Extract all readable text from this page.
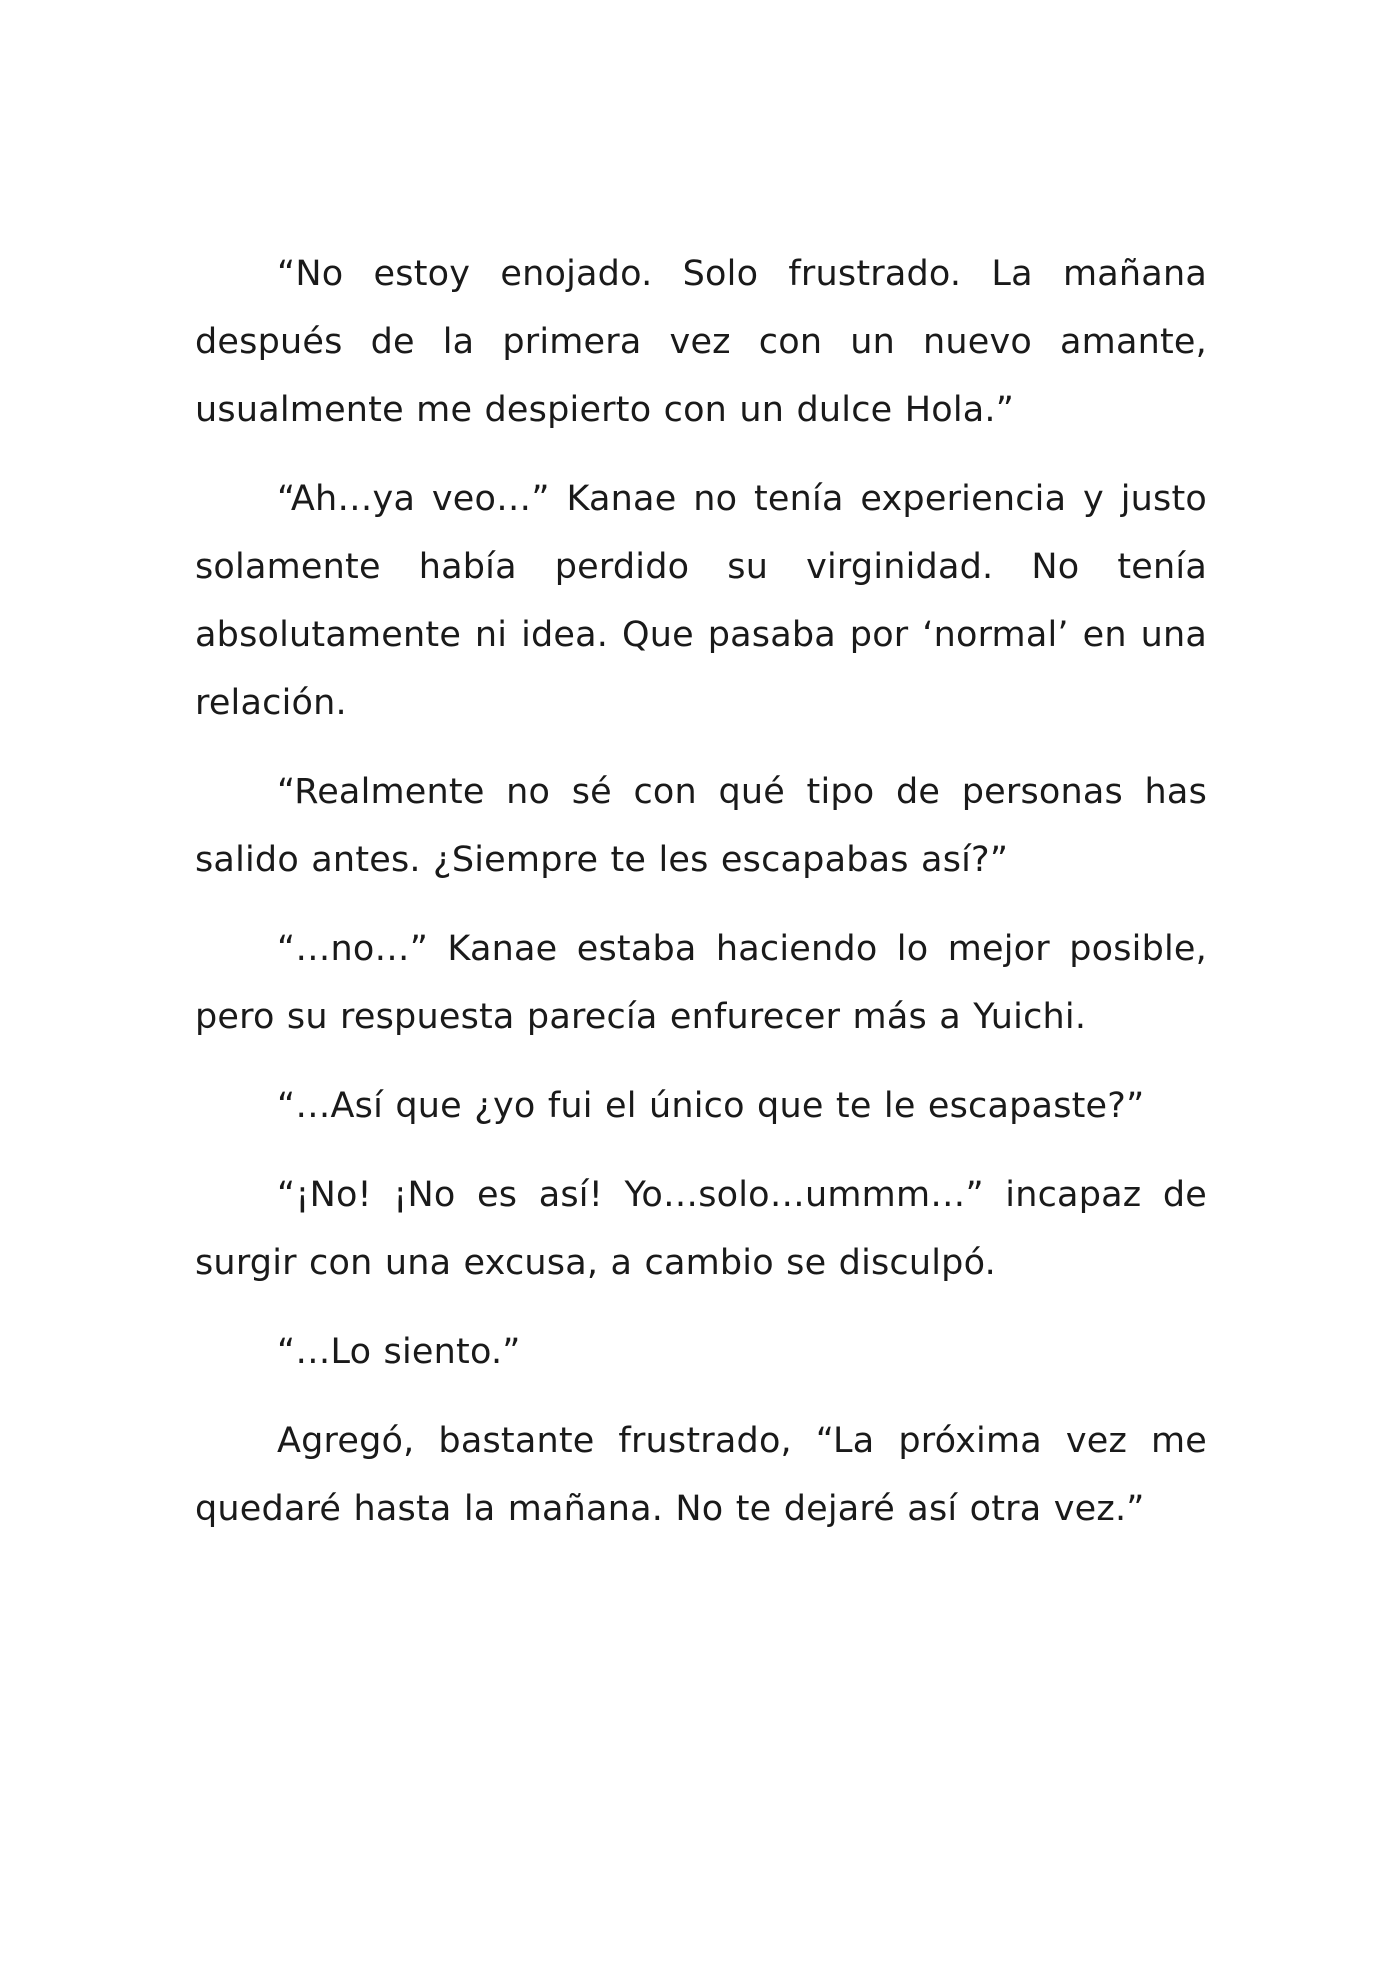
“No estoy enojado. Solo frustrado. La mañana después de la primera vez con un nuevo amante, usualmente me despierto con un dulce Hola.”

“Ah…ya veo…” Kanae no tenía experiencia y justo solamente había perdido su virginidad. No tenía absolutamente ni idea. Que pasaba por ‘normal’ en una relación.

“Realmente no sé con qué tipo de personas has salido antes. ¿Siempre te les escapabas así?”

“…no…” Kanae estaba haciendo lo mejor posible, pero su respuesta parecía enfurecer más a Yuichi.

“…Así que ¿yo fui el único que te le escapaste?”

“¡No! ¡No es así! Yo…solo…ummm…” incapaz de surgir con una excusa, a cambio se disculpó.

“…Lo siento.”

Agregó, bastante frustrado, “La próxima vez me quedaré hasta la mañana. No te dejaré así otra vez.”
